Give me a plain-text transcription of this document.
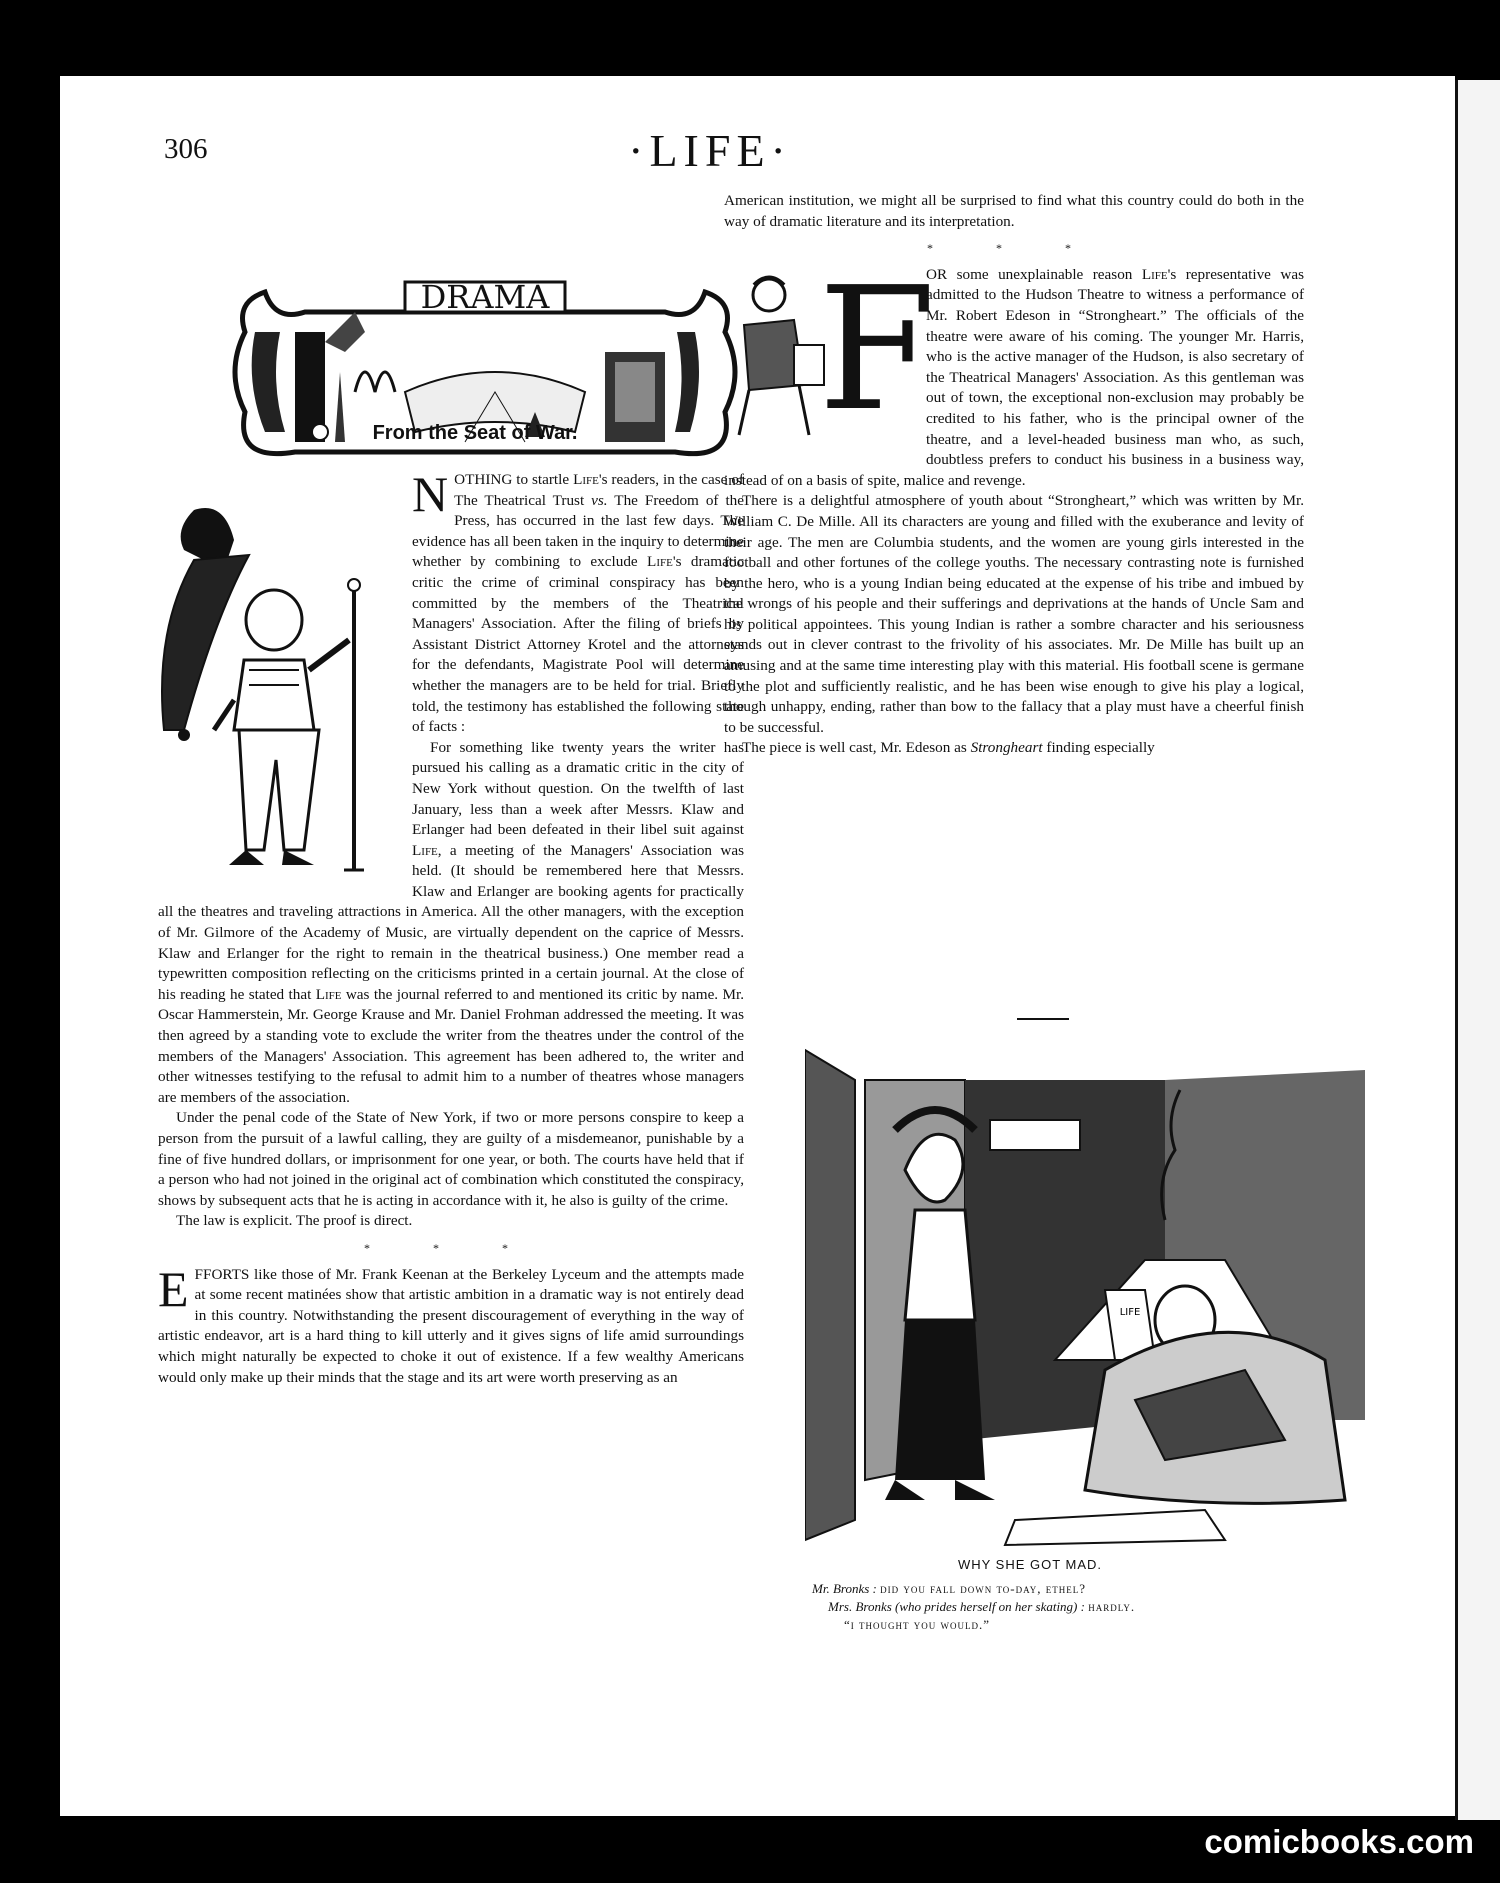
306	·LIFE·
DRAMA
From the Seat of War.

NOTHING to startle Life's readers, in the case of The Theatrical Trust vs. The Freedom of the Press, has occurred in the last few days. The evidence has all been taken in the inquiry to determine whether by combining to exclude Life's dramatic critic the crime of criminal conspiracy has been committed by the members of the Theatrical Managers' Association. After the filing of briefs by Assistant District Attorney Krotel and the attorneys for the defendants, Magistrate Pool will determine whether the managers are to be held for trial. Briefly told, the testimony has established the following state of facts :

For something like twenty years the writer has pursued his calling as a dramatic critic in the city of New York without question. On the twelfth of last January, less than a week after Messrs. Klaw and Erlanger had been defeated in their libel suit against Life, a meeting of the Managers' Association was held. (It should be remembered here that Messrs. Klaw and Erlanger are booking agents for practically all the theatres and traveling attractions in America. All the other managers, with the exception of Mr. Gilmore of the Academy of Music, are virtually dependent on the caprice of Messrs. Klaw and Erlanger for the right to remain in the theatrical business.) One member read a typewritten composition reflecting on the criticisms printed in a certain journal. At the close of his reading he stated that Life was the journal referred to and mentioned its critic by name. Mr. Oscar Hammerstein, Mr. George Krause and Mr. Daniel Frohman addressed the meeting. It was then agreed by a standing vote to exclude the writer from the theatres under the control of the members of the Managers' Association. This agreement has been adhered to, the writer and other witnesses testifying to the refusal to admit him to a number of theatres whose managers are members of the association.

Under the penal code of the State of New York, if two or more persons conspire to keep a person from the pursuit of a lawful calling, they are guilty of a misdemeanor, punishable by a fine of five hundred dollars, or imprisonment for one year, or both. The courts have held that if a person who had not joined in the original act of combination which constituted the conspiracy, shows by subsequent acts that he is acting in accordance with it, he also is guilty of the crime.

The law is explicit. The proof is direct.

* * *

EFFORTS like those of Mr. Frank Keenan at the Berkeley Lyceum and the attempts made at some recent matinées show that artistic ambition in a dramatic way is not entirely dead in this country. Notwithstanding the present discouragement of everything in the way of artistic endeavor, art is a hard thing to kill utterly and it gives signs of life amid surroundings which might naturally be expected to choke it out of existence. If a few wealthy Americans would only make up their minds that the stage and its art were worth preserving as an

American institution, we might all be surprised to find what this country could do both in the way of dramatic literature and its interpretation.

* * *
F

OR some unexplainable reason Life's representative was admitted to the Hudson Theatre to witness a performance of Mr. Robert Edeson in “Strongheart.” The officials of the theatre were aware of his coming. The younger Mr. Harris, who is the active manager of the Hudson, is also secretary of the Theatrical Managers' Association. As this gentleman was out of town, the exceptional non-exclusion may probably be credited to his father, who is the principal owner of the theatre, and a level-headed business man who, as such, doubtless prefers to conduct his business in a business way, instead of on a basis of spite, malice and revenge.

There is a delightful atmosphere of youth about “Strongheart,” which was written by Mr. William C. De Mille. All its characters are young and filled with the exuberance and levity of their age. The men are Columbia students, and the women are young girls interested in the football and other fortunes of the college youths. The necessary contrasting note is furnished by the hero, who is a young Indian being educated at the expense of his tribe and imbued by the wrongs of his people and their sufferings and deprivations at the hands of Uncle Sam and his political appointees. This young Indian is rather a sombre character and his seriousness stands out in clever contrast to the frivolity of his associates. Mr. De Mille has built up an amusing and at the same time interesting play with this material. His football scene is germane to the plot and sufficiently realistic, and he has been wise enough to give his play a logical, though unhappy, ending, rather than bow to the fallacy that a play must have a cheerful finish to be successful.

The piece is well cast, Mr. Edeson as Strongheart finding especially

LIFE
WHY SHE GOT MAD.
Mr. Bronks : did you fall down to-day, ethel?
Mrs. Bronks (who prides herself on her skating) : hardly.
“i thought you would.”
comicbooks.com
